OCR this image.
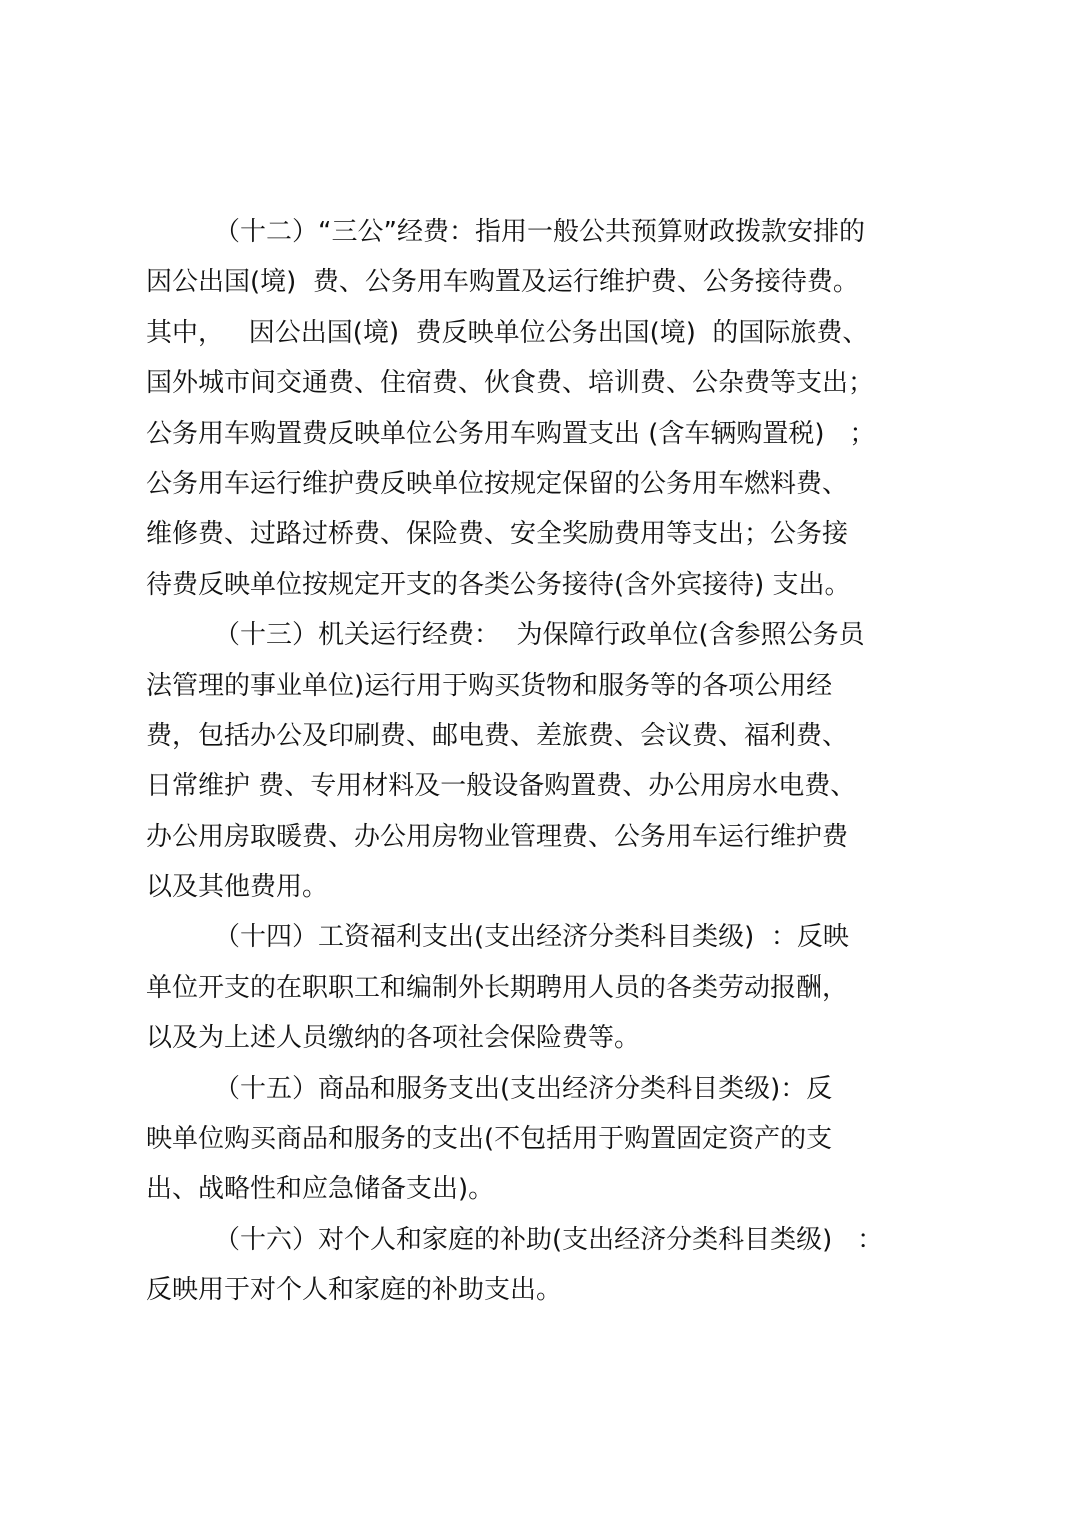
（十二）“三公”经费：指用一般公共预算财政拨款安排的
因公出国(境)  费、公务用车购置及运行维护费、公务接待费。
其中，   因公出国(境)  费反映单位公务出国(境)  的国际旅费、
国外城市间交通费、住宿费、伙食费、培训费、公杂费等支出；
公务用车购置费反映单位公务用车购置支出 (含车辆购置税)   ；
公务用车运行维护费反映单位按规定保留的公务用车燃料费、
维修费、过路过桥费、保险费、安全奖励费用等支出；公务接
待费反映单位按规定开支的各类公务接待(含外宾接待) 支出。
（十三）机关运行经费：  为保障行政单位(含参照公务员
法管理的事业单位)运行用于购买货物和服务等的各项公用经
费，包括办公及印刷费、邮电费、差旅费、会议费、福利费、
日常维护 费、专用材料及一般设备购置费、办公用房水电费、
办公用房取暖费、办公用房物业管理费、公务用车运行维护费
以及其他费用。
（十四）工资福利支出(支出经济分类科目类级)  ：反映
单位开支的在职职工和编制外长期聘用人员的各类劳动报酬，
以及为上述人员缴纳的各项社会保险费等。
（十五）商品和服务支出(支出经济分类科目类级)：反
映单位购买商品和服务的支出(不包括用于购置固定资产的支
出、战略性和应急储备支出)。
（十六）对个人和家庭的补助(支出经济分类科目类级)   ：
反映用于对个人和家庭的补助支出。
